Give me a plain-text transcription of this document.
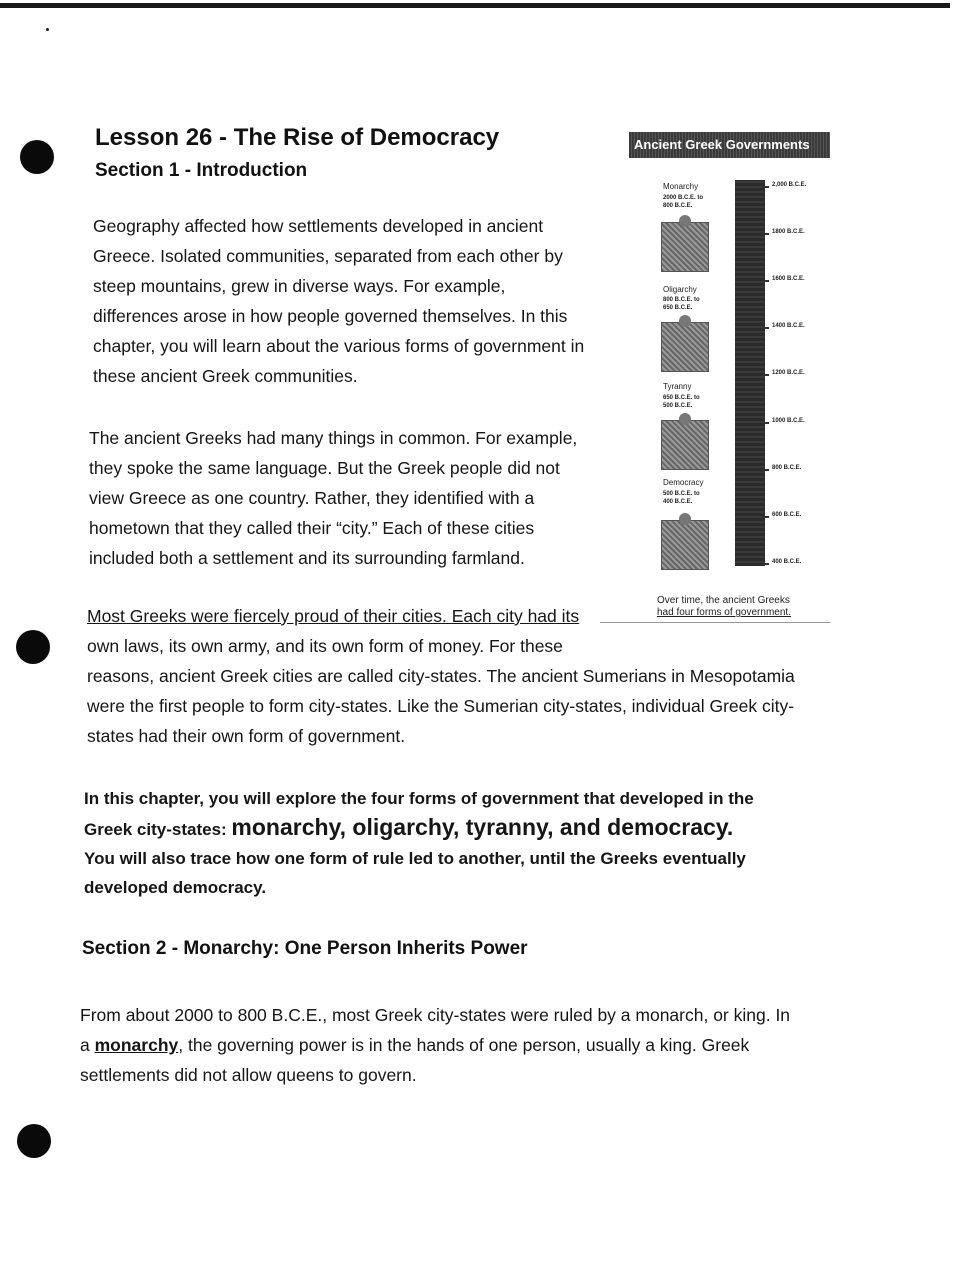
Lesson 26 - The Rise of Democracy
Section 1 - Introduction

Geography affected how settlements developed in ancient
Greece. Isolated communities, separated from each other by
steep mountains, grew in diverse ways. For example,
differences arose in how people governed themselves. In this
chapter, you will learn about the various forms of government in
these ancient Greek communities.

The ancient Greeks had many things in common. For example,
they spoke the same language. But the Greek people did not
view Greece as one country. Rather, they identified with a
hometown that they called their “city.” Each of these cities
included both a settlement and its surrounding farmland.

Most Greeks were fiercely proud of their cities. Each city had its
own laws, its own army, and its own form of money. For these
reasons, ancient Greek cities are called city-states. The ancient Sumerians in Mesopotamia
were the first people to form city-states. Like the Sumerian city-states, individual Greek city-
states had their own form of government.

In this chapter, you will explore the four forms of government that developed in the
Greek city-states: monarchy, oligarchy, tyranny, and democracy.
You will also trace how one form of rule led to another, until the Greeks eventually
developed democracy.

Section 2 - Monarchy: One Person Inherits Power

From about 2000 to 800 B.C.E., most Greek city-states were ruled by a monarch, or king. In
a monarchy, the governing power is in the hands of one person, usually a king. Greek
settlements did not allow queens to govern.

Ancient Greek Governments
2,000 B.C.E.
1800 B.C.E.
1600 B.C.E.
1400 B.C.E.
1200 B.C.E.
1000 B.C.E.
800 B.C.E.
600 B.C.E.
400 B.C.E.
Monarchy
2000 B.C.E. to
800 B.C.E.
Oligarchy
800 B.C.E. to
650 B.C.E.
Tyranny
650 B.C.E. to
500 B.C.E.
Democracy
500 B.C.E. to
400 B.C.E.
Over time, the ancient Greeks
had four forms of government.
